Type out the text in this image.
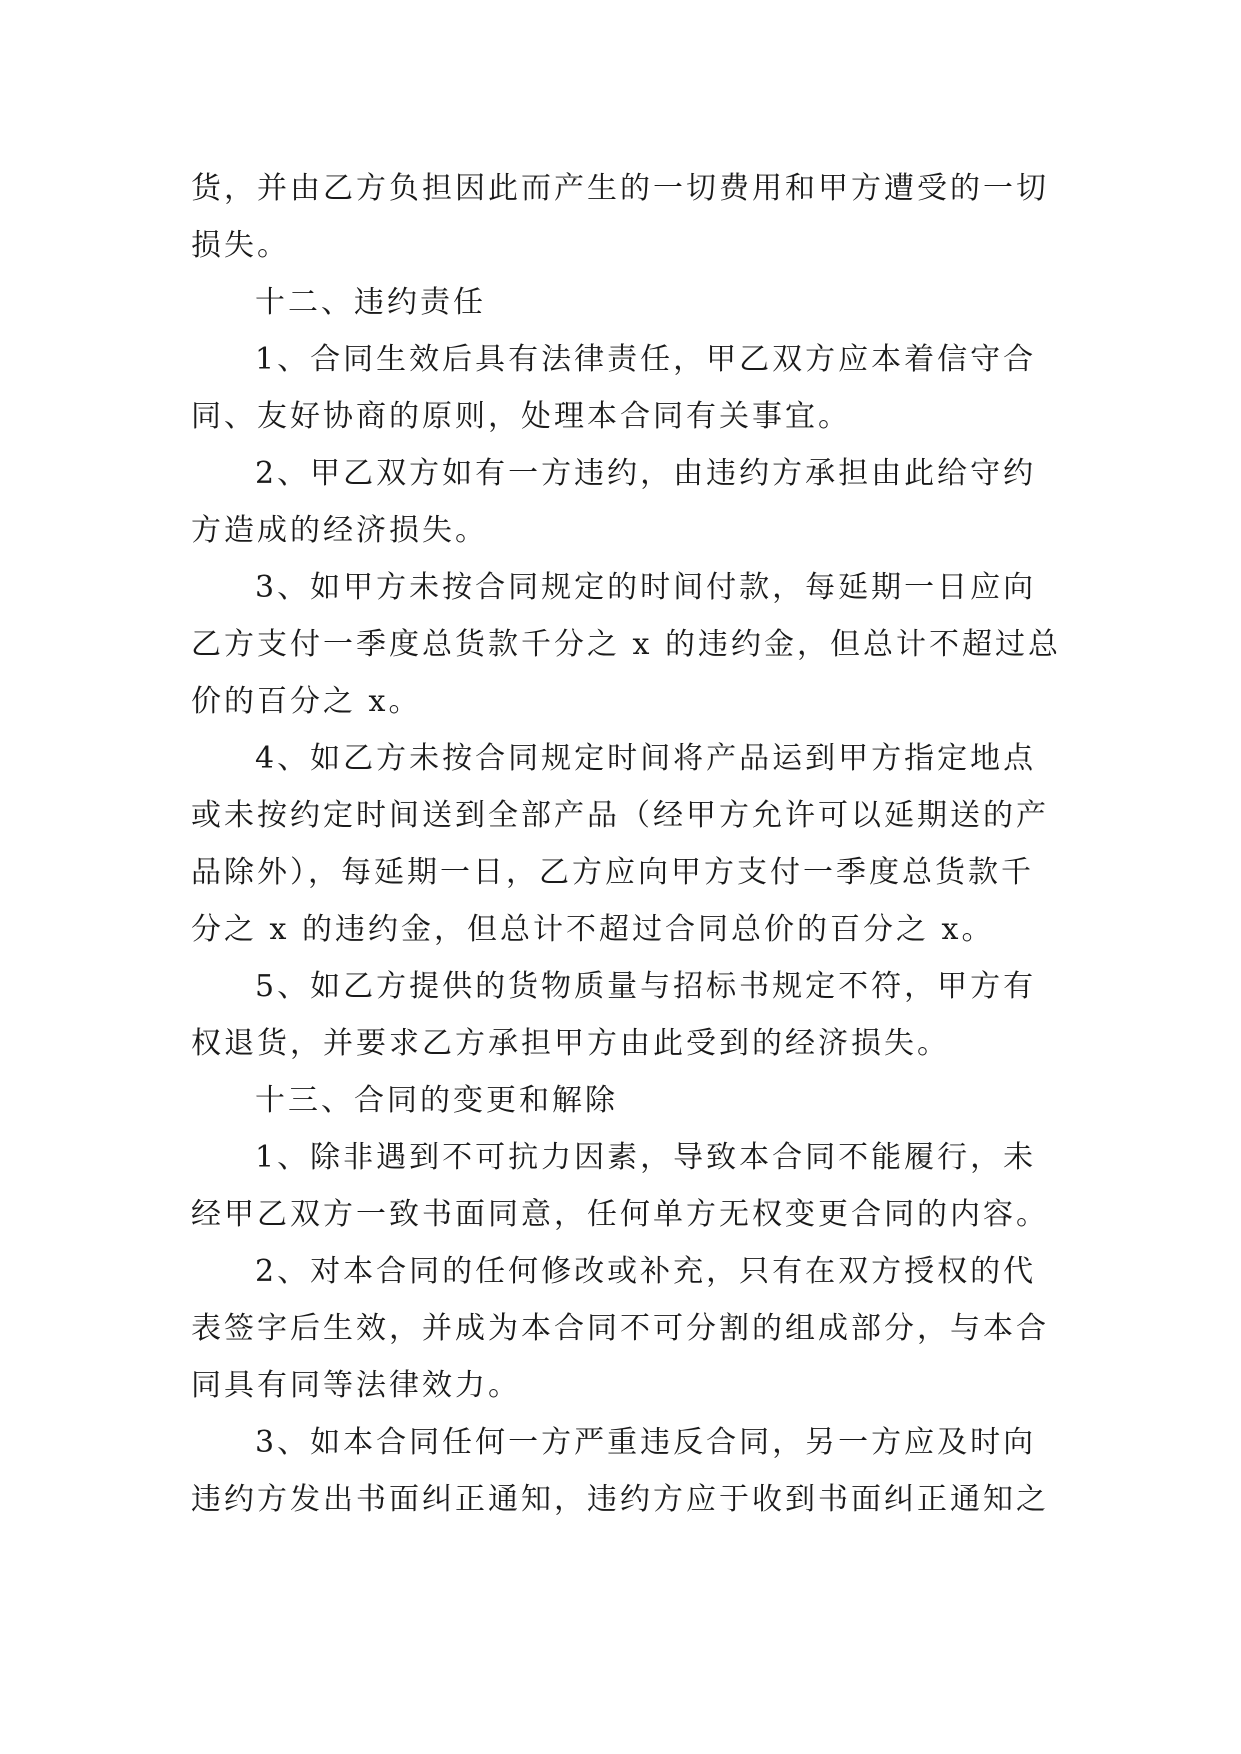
货，并由乙方负担因此而产生的一切费用和甲方遭受的一切
损失。
十二、违约责任
1、合同生效后具有法律责任，甲乙双方应本着信守合
同、友好协商的原则，处理本合同有关事宜。
2、甲乙双方如有一方违约，由违约方承担由此给守约
方造成的经济损失。
3、如甲方未按合同规定的时间付款，每延期一日应向
乙方支付一季度总货款千分之 x 的违约金，但总计不超过总
价的百分之 x。
4、如乙方未按合同规定时间将产品运到甲方指定地点
或未按约定时间送到全部产品（经甲方允许可以延期送的产
品除外），每延期一日，乙方应向甲方支付一季度总货款千
分之 x 的违约金，但总计不超过合同总价的百分之 x。
5、如乙方提供的货物质量与招标书规定不符，甲方有
权退货，并要求乙方承担甲方由此受到的经济损失。
十三、合同的变更和解除
1、除非遇到不可抗力因素，导致本合同不能履行，未
经甲乙双方一致书面同意，任何单方无权变更合同的内容。
2、对本合同的任何修改或补充，只有在双方授权的代
表签字后生效，并成为本合同不可分割的组成部分，与本合
同具有同等法律效力。
3、如本合同任何一方严重违反合同，另一方应及时向
违约方发出书面纠正通知，违约方应于收到书面纠正通知之
